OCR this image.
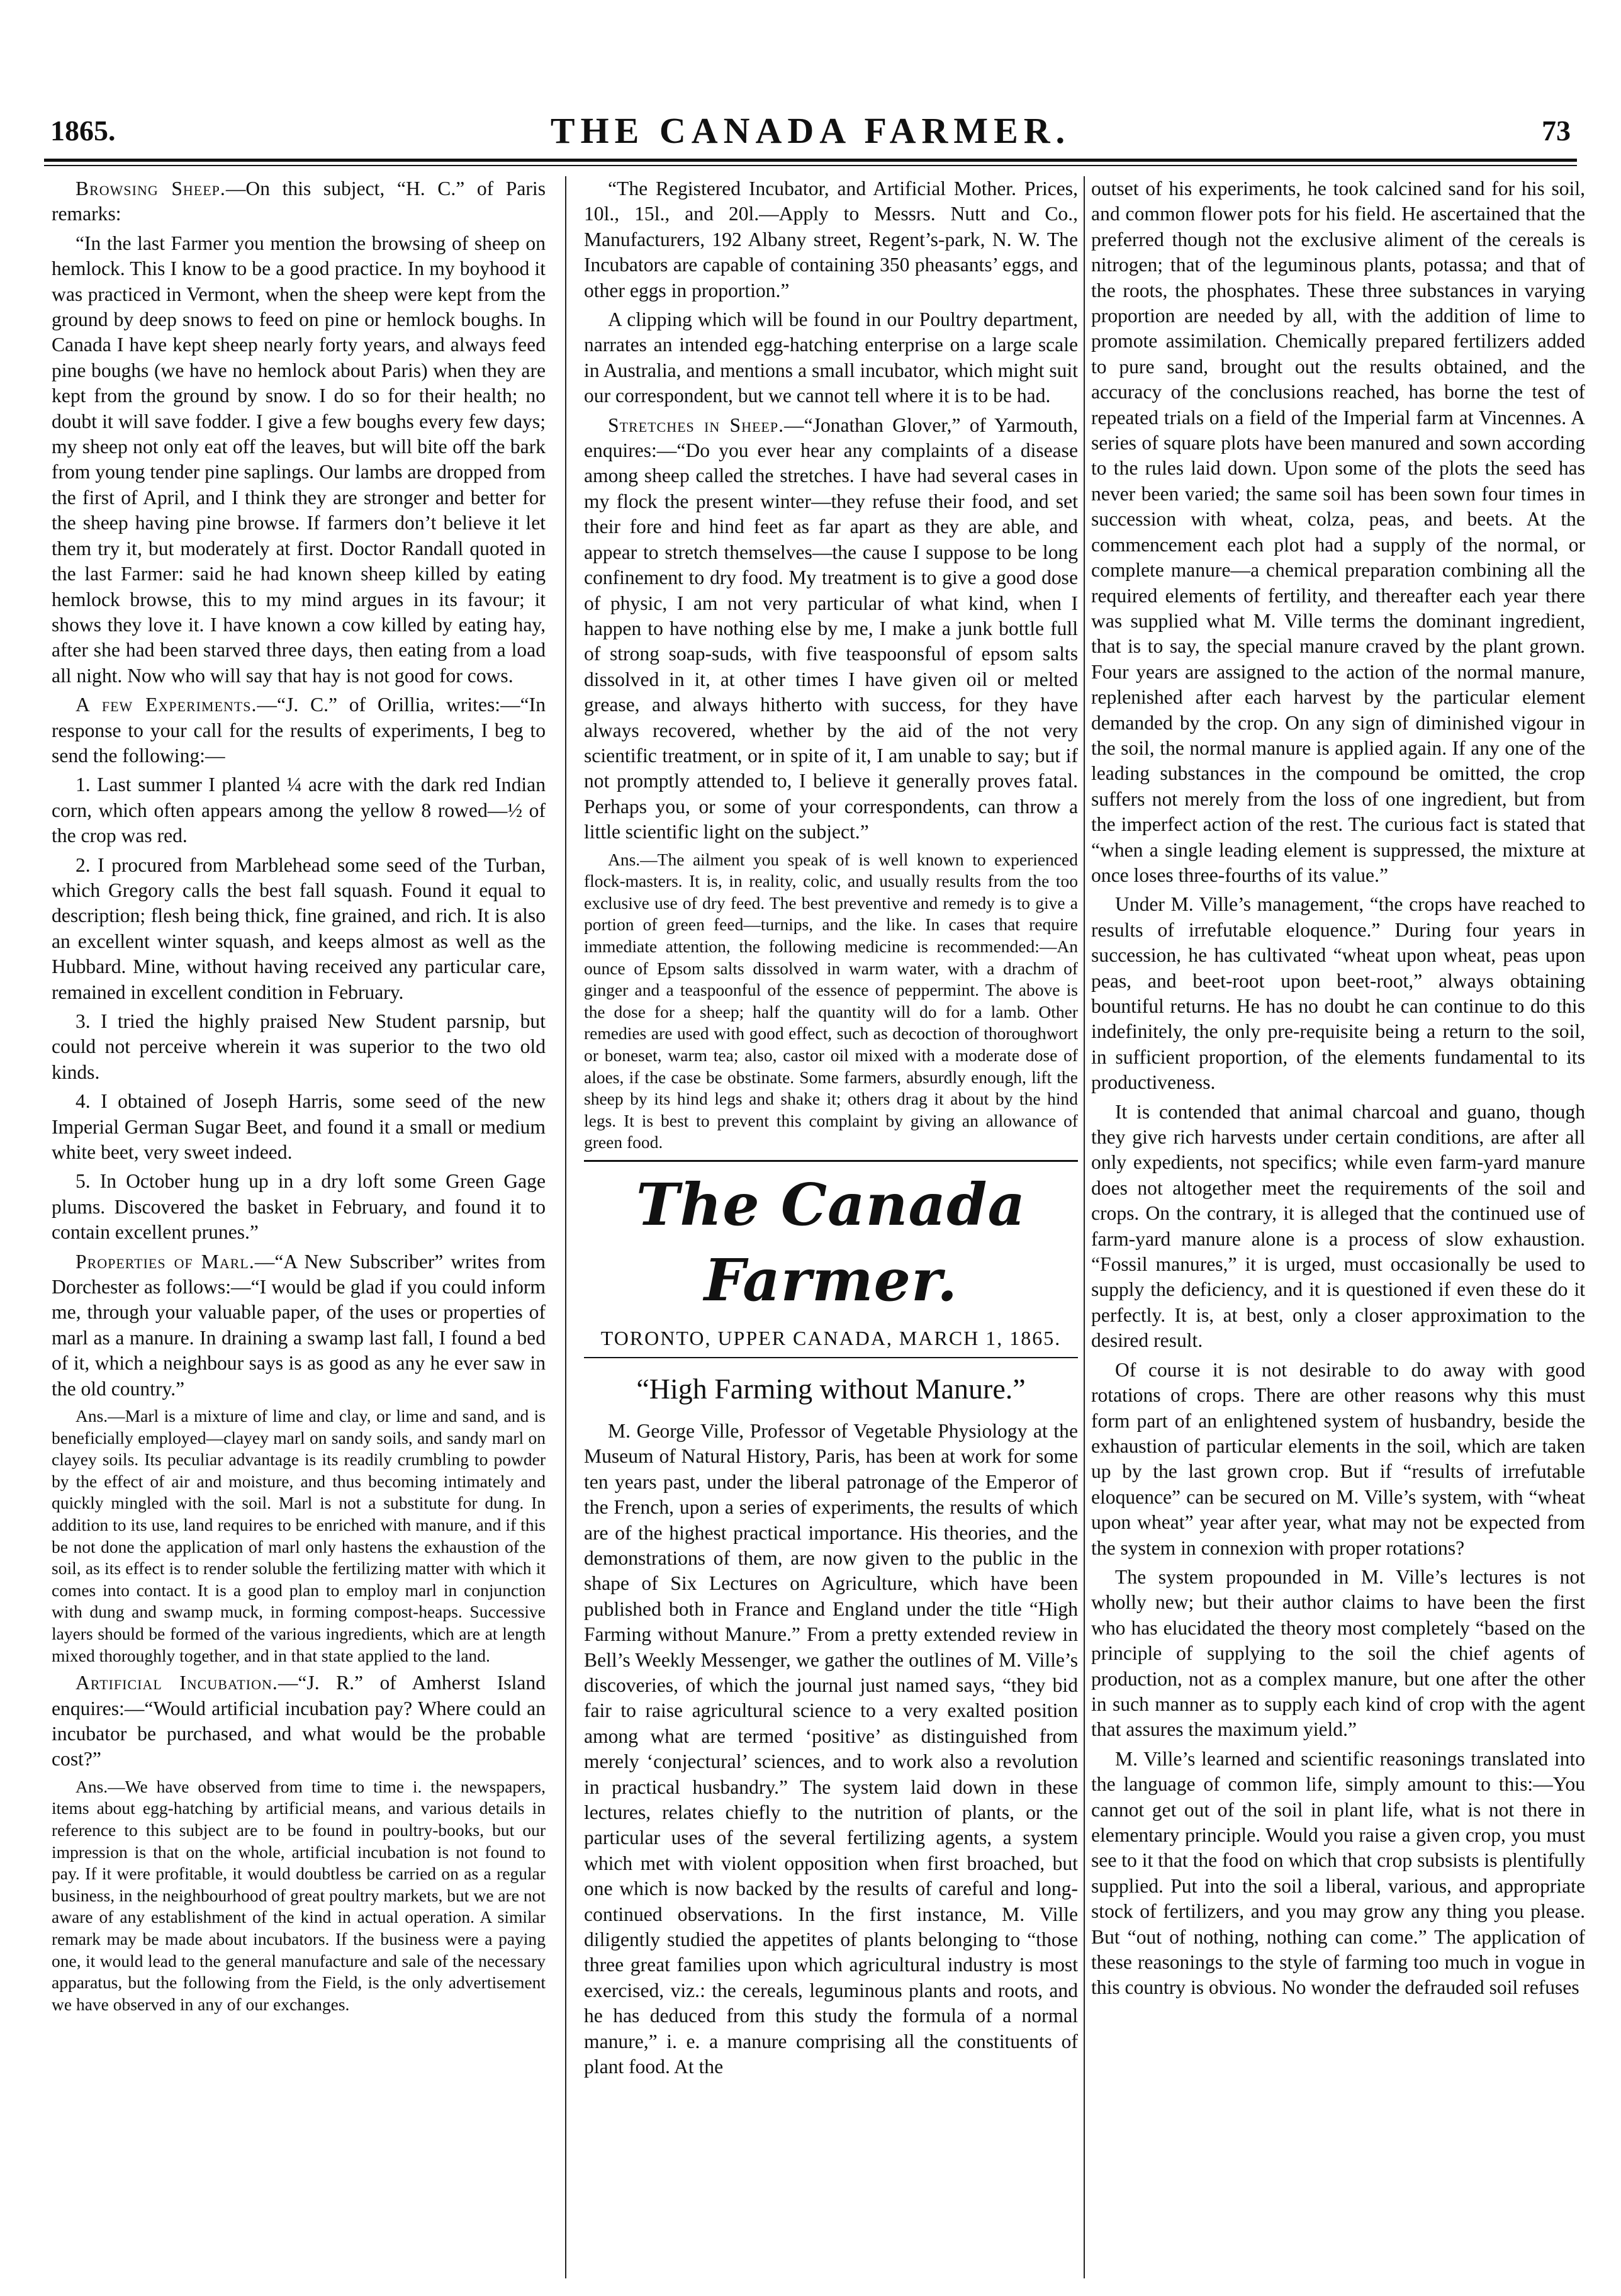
1865.	THE CANADA FARMER.	73

Browsing Sheep.—On this subject, “H. C.” of Paris remarks:

“In the last Farmer you mention the browsing of sheep on hemlock. This I know to be a good practice. In my boyhood it was practiced in Vermont, when the sheep were kept from the ground by deep snows to feed on pine or hemlock boughs. In Canada I have kept sheep nearly forty years, and always feed pine boughs (we have no hemlock about Paris) when they are kept from the ground by snow. I do so for their health; no doubt it will save fodder. I give a few boughs every few days; my sheep not only eat off the leaves, but will bite off the bark from young tender pine saplings. Our lambs are dropped from the first of April, and I think they are stronger and better for the sheep having pine browse. If farmers don’t believe it let them try it, but moderately at first. Doctor Randall quoted in the last Farmer: said he had known sheep killed by eating hemlock browse, this to my mind argues in its favour; it shows they love it. I have known a cow killed by eating hay, after she had been starved three days, then eating from a load all night. Now who will say that hay is not good for cows.

A few Experiments.—“J. C.” of Orillia, writes:—“In response to your call for the results of experiments, I beg to send the following:—

1. Last summer I planted ¼ acre with the dark red Indian corn, which often appears among the yellow 8 rowed—½ of the crop was red.

2. I procured from Marblehead some seed of the Turban, which Gregory calls the best fall squash. Found it equal to description; flesh being thick, fine grained, and rich. It is also an excellent winter squash, and keeps almost as well as the Hubbard. Mine, without having received any particular care, remained in excellent condition in February.

3. I tried the highly praised New Student parsnip, but could not perceive wherein it was superior to the two old kinds.

4. I obtained of Joseph Harris, some seed of the new Imperial German Sugar Beet, and found it a small or medium white beet, very sweet indeed.

5. In October hung up in a dry loft some Green Gage plums. Discovered the basket in February, and found it to contain excellent prunes.”

Properties of Marl.—“A New Subscriber” writes from Dorchester as follows:—“I would be glad if you could inform me, through your valuable paper, of the uses or properties of marl as a manure. In draining a swamp last fall, I found a bed of it, which a neighbour says is as good as any he ever saw in the old country.”

Ans.—Marl is a mixture of lime and clay, or lime and sand, and is beneficially employed—clayey marl on sandy soils, and sandy marl on clayey soils. Its peculiar advantage is its readily crumbling to powder by the effect of air and moisture, and thus becoming intimately and quickly mingled with the soil. Marl is not a substitute for dung. In addition to its use, land requires to be enriched with manure, and if this be not done the application of marl only hastens the exhaustion of the soil, as its effect is to render soluble the fertilizing matter with which it comes into contact. It is a good plan to employ marl in conjunction with dung and swamp muck, in forming compost-heaps. Successive layers should be formed of the various ingredients, which are at length mixed thoroughly together, and in that state applied to the land.

Artificial Incubation.—“J. R.” of Amherst Island enquires:—“Would artificial incubation pay? Where could an incubator be purchased, and what would be the probable cost?”

Ans.—We have observed from time to time i. the newspapers, items about egg-hatching by artificial means, and various details in reference to this subject are to be found in poultry-books, but our impression is that on the whole, artificial incubation is not found to pay. If it were profitable, it would doubtless be carried on as a regular business, in the neighbourhood of great poultry markets, but we are not aware of any establishment of the kind in actual operation. A similar remark may be made about incubators. If the business were a paying one, it would lead to the general manufacture and sale of the necessary apparatus, but the following from the Field, is the only advertisement we have observed in any of our exchanges.

“The Registered Incubator, and Artificial Mother. Prices, 10l., 15l., and 20l.—Apply to Messrs. Nutt and Co., Manufacturers, 192 Albany street, Regent’s-park, N. W. The Incubators are capable of containing 350 pheasants’ eggs, and other eggs in proportion.”

A clipping which will be found in our Poultry department, narrates an intended egg-hatching enterprise on a large scale in Australia, and mentions a small incubator, which might suit our correspondent, but we cannot tell where it is to be had.

Stretches in Sheep.—“Jonathan Glover,” of Yarmouth, enquires:—“Do you ever hear any complaints of a disease among sheep called the stretches. I have had several cases in my flock the present winter—they refuse their food, and set their fore and hind feet as far apart as they are able, and appear to stretch themselves—the cause I suppose to be long confinement to dry food. My treatment is to give a good dose of physic, I am not very particular of what kind, when I happen to have nothing else by me, I make a junk bottle full of strong soap-suds, with five teaspoonsful of epsom salts dissolved in it, at other times I have given oil or melted grease, and always hitherto with success, for they have always recovered, whether by the aid of the not very scientific treatment, or in spite of it, I am unable to say; but if not promptly attended to, I believe it generally proves fatal. Perhaps you, or some of your correspondents, can throw a little scientific light on the subject.”

Ans.—The ailment you speak of is well known to experienced flock-masters. It is, in reality, colic, and usually results from the too exclusive use of dry feed. The best preventive and remedy is to give a portion of green feed—turnips, and the like. In cases that require immediate attention, the following medicine is recommended:—An ounce of Epsom salts dissolved in warm water, with a drachm of ginger and a teaspoonful of the essence of peppermint. The above is the dose for a sheep; half the quantity will do for a lamb. Other remedies are used with good effect, such as decoction of thoroughwort or boneset, warm tea; also, castor oil mixed with a moderate dose of aloes, if the case be obstinate. Some farmers, absurdly enough, lift the sheep by its hind legs and shake it; others drag it about by the hind legs. It is best to prevent this complaint by giving an allowance of green food.

The Canada Farmer.
TORONTO, UPPER CANADA, MARCH 1, 1865.
“High Farming without Manure.”

M. George Ville, Professor of Vegetable Physiology at the Museum of Natural History, Paris, has been at work for some ten years past, under the liberal patronage of the Emperor of the French, upon a series of experiments, the results of which are of the highest practical importance. His theories, and the demonstrations of them, are now given to the public in the shape of Six Lectures on Agriculture, which have been published both in France and England under the title “High Farming without Manure.” From a pretty extended review in Bell’s Weekly Messenger, we gather the outlines of M. Ville’s discoveries, of which the journal just named says, “they bid fair to raise agricultural science to a very exalted position among what are termed ‘positive’ as distinguished from merely ‘conjectural’ sciences, and to work also a revolution in practical husbandry.” The system laid down in these lectures, relates chiefly to the nutrition of plants, or the particular uses of the several fertilizing agents, a system which met with violent opposition when first broached, but one which is now backed by the results of careful and long-continued observations. In the first instance, M. Ville diligently studied the appetites of plants belonging to “those three great families upon which agricultural industry is most exercised, viz.: the cereals, leguminous plants and roots, and he has deduced from this study the formula of a normal manure,” i. e. a manure comprising all the constituents of plant food. At the

outset of his experiments, he took calcined sand for his soil, and common flower pots for his field. He ascertained that the preferred though not the exclusive aliment of the cereals is nitrogen; that of the leguminous plants, potassa; and that of the roots, the phosphates. These three substances in varying proportion are needed by all, with the addition of lime to promote assimilation. Chemically prepared fertilizers added to pure sand, brought out the results obtained, and the accuracy of the conclusions reached, has borne the test of repeated trials on a field of the Imperial farm at Vincennes. A series of square plots have been manured and sown according to the rules laid down. Upon some of the plots the seed has never been varied; the same soil has been sown four times in succession with wheat, colza, peas, and beets. At the commencement each plot had a supply of the normal, or complete manure—a chemical preparation combining all the required elements of fertility, and thereafter each year there was supplied what M. Ville terms the dominant ingredient, that is to say, the special manure craved by the plant grown. Four years are assigned to the action of the normal manure, replenished after each harvest by the particular element demanded by the crop. On any sign of diminished vigour in the soil, the normal manure is applied again. If any one of the leading substances in the compound be omitted, the crop suffers not merely from the loss of one ingredient, but from the imperfect action of the rest. The curious fact is stated that “when a single leading element is suppressed, the mixture at once loses three-fourths of its value.”

Under M. Ville’s management, “the crops have reached to results of irrefutable eloquence.” During four years in succession, he has cultivated “wheat upon wheat, peas upon peas, and beet-root upon beet-root,” always obtaining bountiful returns. He has no doubt he can continue to do this indefinitely, the only pre-requisite being a return to the soil, in sufficient proportion, of the elements fundamental to its productiveness.

It is contended that animal charcoal and guano, though they give rich harvests under certain conditions, are after all only expedients, not specifics; while even farm-yard manure does not altogether meet the requirements of the soil and crops. On the contrary, it is alleged that the continued use of farm-yard manure alone is a process of slow exhaustion. “Fossil manures,” it is urged, must occasionally be used to supply the deficiency, and it is questioned if even these do it perfectly. It is, at best, only a closer approximation to the desired result.

Of course it is not desirable to do away with good rotations of crops. There are other reasons why this must form part of an enlightened system of husbandry, beside the exhaustion of particular elements in the soil, which are taken up by the last grown crop. But if “results of irrefutable eloquence” can be secured on M. Ville’s system, with “wheat upon wheat” year after year, what may not be expected from the system in connexion with proper rotations?

The system propounded in M. Ville’s lectures is not wholly new; but their author claims to have been the first who has elucidated the theory most completely “based on the principle of supplying to the soil the chief agents of production, not as a complex manure, but one after the other in such manner as to supply each kind of crop with the agent that assures the maximum yield.”

M. Ville’s learned and scientific reasonings translated into the language of common life, simply amount to this:—You cannot get out of the soil in plant life, what is not there in elementary principle. Would you raise a given crop, you must see to it that the food on which that crop subsists is plentifully supplied. Put into the soil a liberal, various, and appropriate stock of fertilizers, and you may grow any thing you please. But “out of nothing, nothing can come.” The application of these reasonings to the style of farming too much in vogue in this country is obvious. No wonder the defrauded soil refuses
